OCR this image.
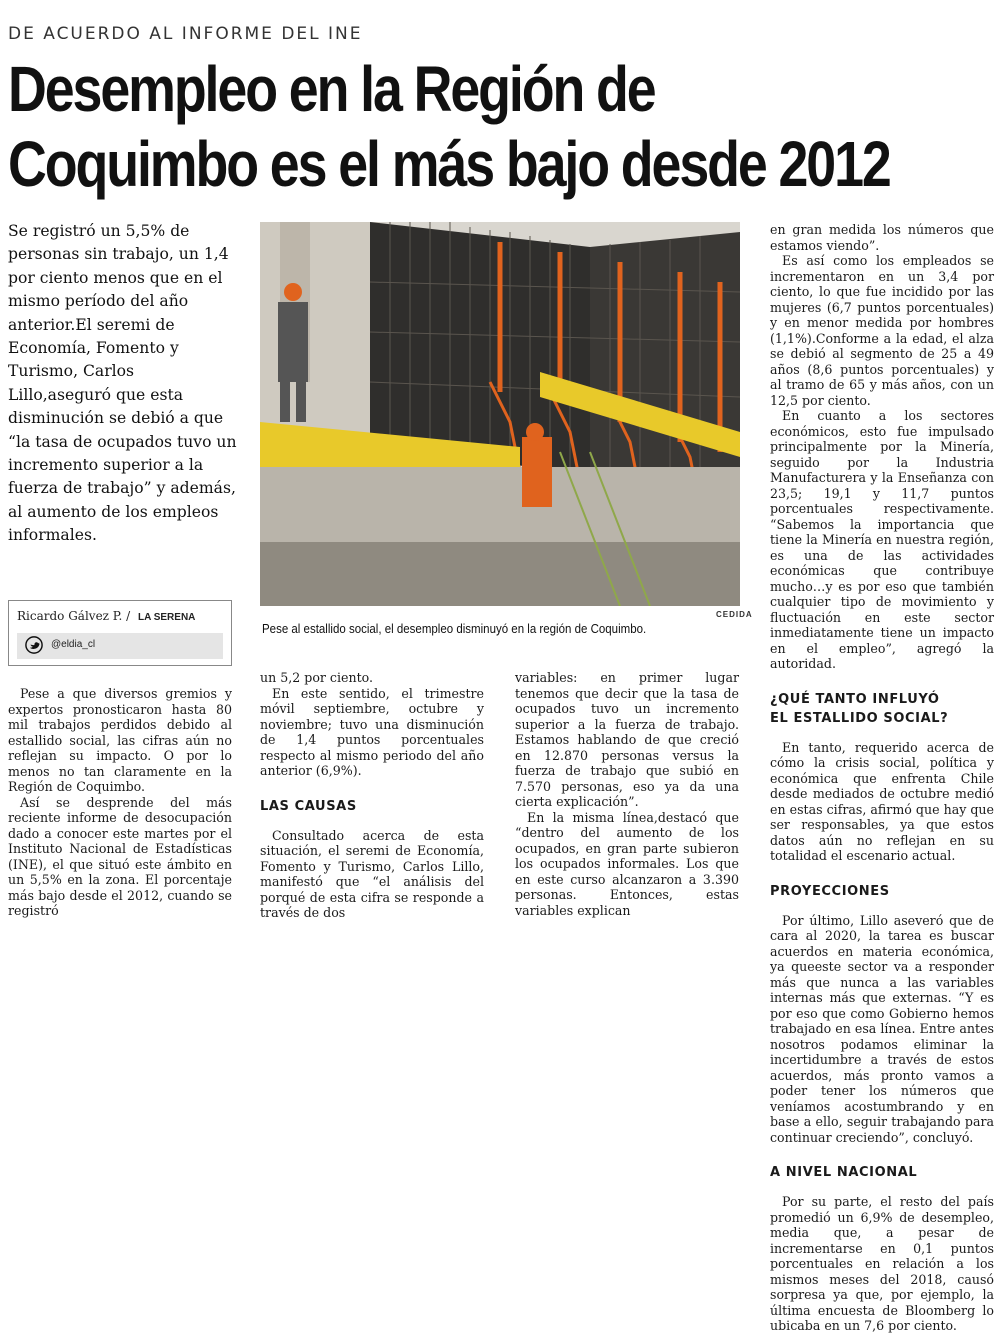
DE ACUERDO AL INFORME DEL INE
Desempleo en la Región de
Coquimbo es el más bajo desde 2012

Se registró un 5,5% de personas sin trabajo, un 1,4 por ciento menos que en el mismo período del año anterior.El seremi de Economía, Fomento y Turismo, Carlos Lillo,aseguró que esta disminución se debió a que “la tasa de ocupados tuvo un incremento superior a la fuerza de trabajo” y además, al aumento de los empleos informales.

Ricardo Gálvez P. / LA SERENA
@eldia_cl
CEDIDA
Pese al estallido social, el desempleo disminuyó en la región de Coquimbo.

Pese a que diversos gremios y expertos pronosticaron hasta 80 mil trabajos perdidos debido al estallido social, las cifras aún no reflejan su impacto. O por lo menos no tan claramente en la Región de Coquimbo.

Así se desprende del más reciente informe de desocupación dado a conocer este martes por el Instituto Nacional de Estadísticas (INE), el que situó este ámbito en un 5,5% en la zona. El porcentaje más bajo desde el 2012, cuando se registró

un 5,2 por ciento.

En este sentido, el trimestre móvil septiembre, octubre y noviembre; tuvo una disminución de 1,4 puntos porcentuales respecto al mismo periodo del año anterior (6,9%).

LAS CAUSAS

Consultado acerca de esta situación, el seremi de Economía, Fomento y Turismo, Carlos Lillo, manifestó que “el análisis del porqué de esta cifra se responde a través de dos

variables: en primer lugar tenemos que decir que la tasa de ocupados tuvo un incremento superior a la fuerza de trabajo. Estamos hablando de que creció en 12.870 personas versus la fuerza de trabajo que subió en 7.570 personas, eso ya da una cierta explicación”.

En la misma línea,destacó que “dentro del aumento de los ocupados, en gran parte subieron los ocupados informales. Los que en este curso alcanzaron a 3.390 personas. Entonces, estas variables explican

en gran medida los números que estamos viendo”.

Es así como los empleados se incrementaron en un 3,4 por ciento, lo que fue incidido por las mujeres (6,7 puntos porcentuales) y en menor medida por hombres (1,1%).Conforme a la edad, el alza se debió al segmento de 25 a 49 años (8,6 puntos porcentuales) y al tramo de 65 y más años, con un 12,5 por ciento.

En cuanto a los sectores económicos, esto fue impulsado principalmente por la Minería, seguido por la Industria Manufacturera y la Enseñanza con 23,5; 19,1 y 11,7 puntos porcentuales respectivamente. “Sabemos la importancia que tiene la Minería en nuestra región, es una de las actividades económicas que contribuye mucho…y es por eso que también cualquier tipo de movimiento y fluctuación en este sector inmediatamente tiene un impacto en el empleo”, agregó la autoridad.

¿QUÉ TANTO INFLUYÓ
EL ESTALLIDO SOCIAL?

En tanto, requerido acerca de cómo la crisis social, política y económica que enfrenta Chile desde mediados de octubre medió en estas cifras, afirmó que hay que ser responsables, ya que estos datos aún no reflejan en su totalidad el escenario actual.

PROYECCIONES

Por último, Lillo aseveró que de cara al 2020, la tarea es buscar acuerdos en materia económica, ya queeste sector va a responder más que nunca a las variables internas más que externas. “Y es por eso que como Gobierno hemos trabajado en esa línea. Entre antes nosotros podamos eliminar la incertidumbre a través de estos acuerdos, más pronto vamos a poder tener los números que veníamos acostumbrando y en base a ello, seguir trabajando para continuar creciendo”, concluyó.

A NIVEL NACIONAL

Por su parte, el resto del país promedió un 6,9% de desempleo, media que, a pesar de incrementarse en 0,1 puntos porcentuales en relación a los mismos meses del 2018, causó sorpresa ya que, por ejemplo, la última encuesta de Bloomberg lo ubicaba en un 7,6 por ciento.
